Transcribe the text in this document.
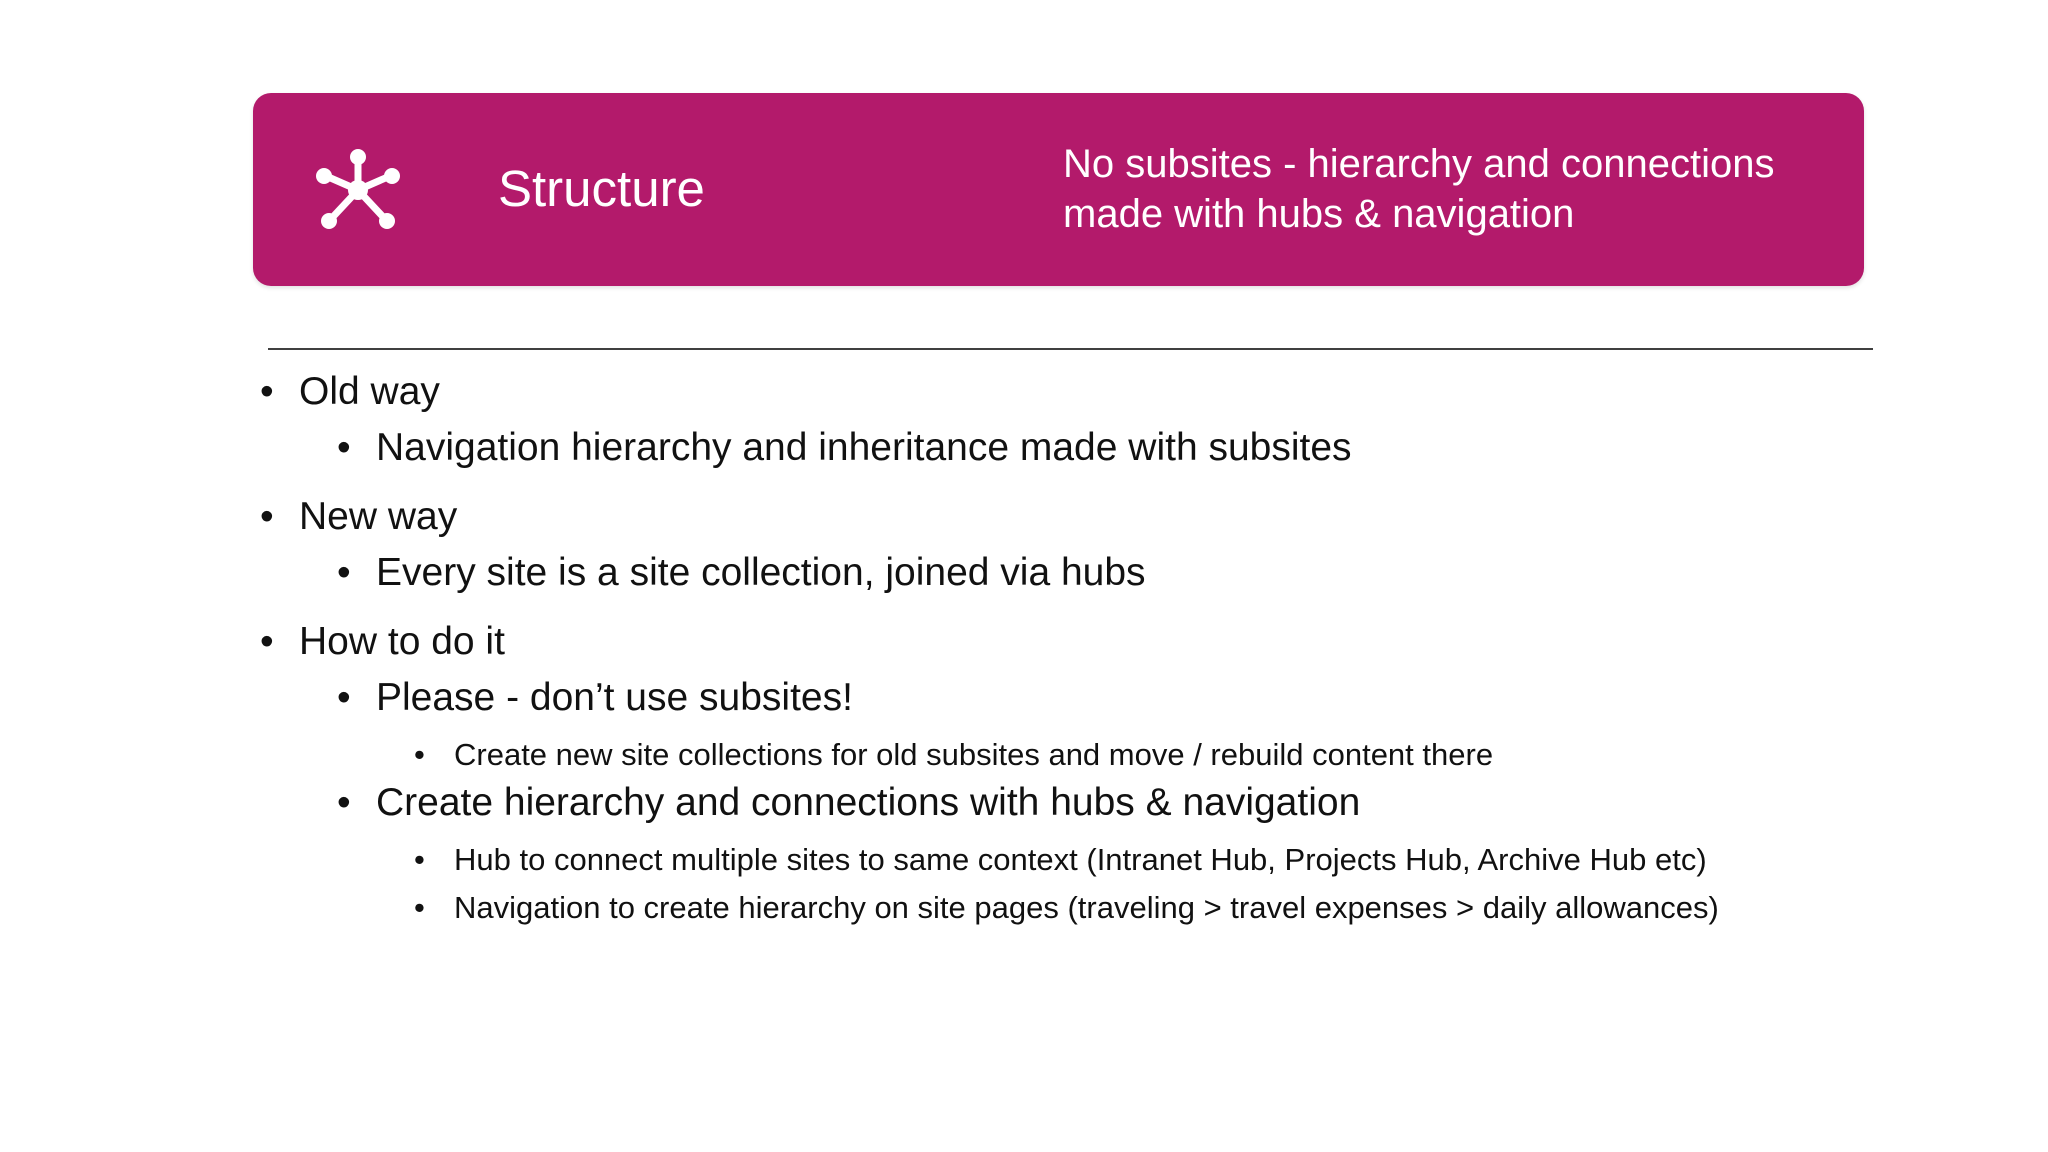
Structure	No subsites - hierarchy and connections made with hubs & navigation
• Old way
• Navigation hierarchy and inheritance made with subsites
• New way
• Every site is a site collection, joined via hubs
• How to do it
• Please - don’t use subsites!
• Create new site collections for old subsites and move / rebuild content there
• Create hierarchy and connections with hubs & navigation
• Hub to connect multiple sites to same context (Intranet Hub, Projects Hub, Archive Hub etc)
• Navigation to create hierarchy on site pages (traveling > travel expenses > daily allowances)
